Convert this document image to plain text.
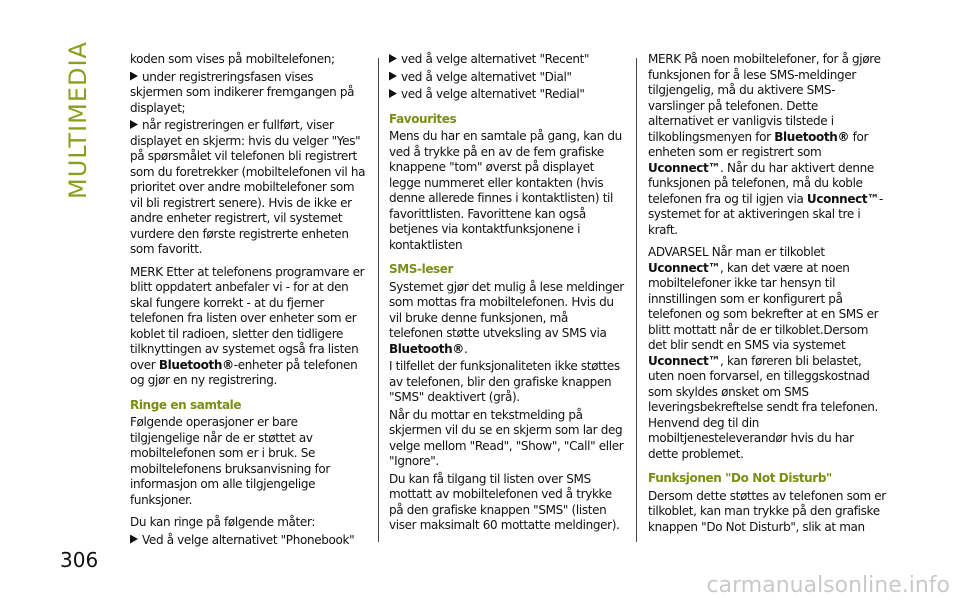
MULTIMEDIA
306

koden som vises på mobiltelefonen;

under registreringsfasen vises skjermen som indikerer fremgangen på displayet;

når registreringen er fullført, viser displayet en skjerm: hvis du velger "Yes" på spørsmålet vil telefonen bli registrert som du foretrekker (mobiltelefonen vil ha prioritet over andre mobiltelefoner som vil bli registrert senere). Hvis de ikke er andre enheter registrert, vil systemet vurdere den første registrerte enheten som favoritt.

MERK Etter at telefonens programvare er blitt oppdatert anbefaler vi - for at den skal fungere korrekt - at du fjerner telefonen fra listen over enheter som er koblet til radioen, sletter den tidligere tilknyttingen av systemet også fra listen over Bluetooth®-enheter på telefonen og gjør en ny registrering.

Ringe en samtale

Følgende operasjoner er bare tilgjengelige når de er støttet av mobiltelefonen som er i bruk. Se mobiltelefonens bruksanvisning for informasjon om alle tilgjengelige funksjoner.

Du kan ringe på følgende måter:

Ved å velge alternativet "Phonebook"

ved å velge alternativet "Recent"

ved å velge alternativet "Dial"

ved å velge alternativet "Redial"

Favourites

Mens du har en samtale på gang, kan du ved å trykke på en av de fem grafiske knappene "tom" øverst på displayet legge nummeret eller kontakten (hvis denne allerede finnes i kontaktlisten) til favorittlisten. Favorittene kan også betjenes via kontaktfunksjonene i kontaktlisten

SMS-leser

Systemet gjør det mulig å lese meldinger som mottas fra mobiltelefonen. Hvis du vil bruke denne funksjonen, må telefonen støtte utveksling av SMS via Bluetooth®.

I tilfellet der funksjonaliteten ikke støttes av telefonen, blir den grafiske knappen "SMS" deaktivert (grå).

Når du mottar en tekstmelding på skjermen vil du se en skjerm som lar deg velge mellom "Read", "Show", "Call" eller "Ignore".

Du kan få tilgang til listen over SMS mottatt av mobiltelefonen ved å trykke på den grafiske knappen "SMS" (listen viser maksimalt 60 mottatte meldinger).

MERK På noen mobiltelefoner, for å gjøre funksjonen for å lese SMS-meldinger tilgjengelig, må du aktivere SMS-varslinger på telefonen. Dette alternativet er vanligvis tilstede i tilkoblingsmenyen for Bluetooth® for enheten som er registrert som Uconnect™. Når du har aktivert denne funksjonen på telefonen, må du koble telefonen fra og til igjen via Uconnect™-systemet for at aktiveringen skal tre i kraft.

ADVARSEL Når man er tilkoblet Uconnect™, kan det være at noen mobiltelefoner ikke tar hensyn til innstillingen som er konfigurert på telefonen og som bekrefter at en SMS er blitt mottatt når de er tilkoblet.Dersom det blir sendt en SMS via systemet Uconnect™, kan føreren bli belastet, uten noen forvarsel, en tilleggskostnad som skyldes ønsket om SMS leveringsbekreftelse sendt fra telefonen. Henvend deg til din mobiltjenesteleverandør hvis du har dette problemet.

Funksjonen "Do Not Disturb"

Dersom dette støttes av telefonen som er tilkoblet, kan man trykke på den grafiske knappen "Do Not Disturb", slik at man

carmanualsonline.info
